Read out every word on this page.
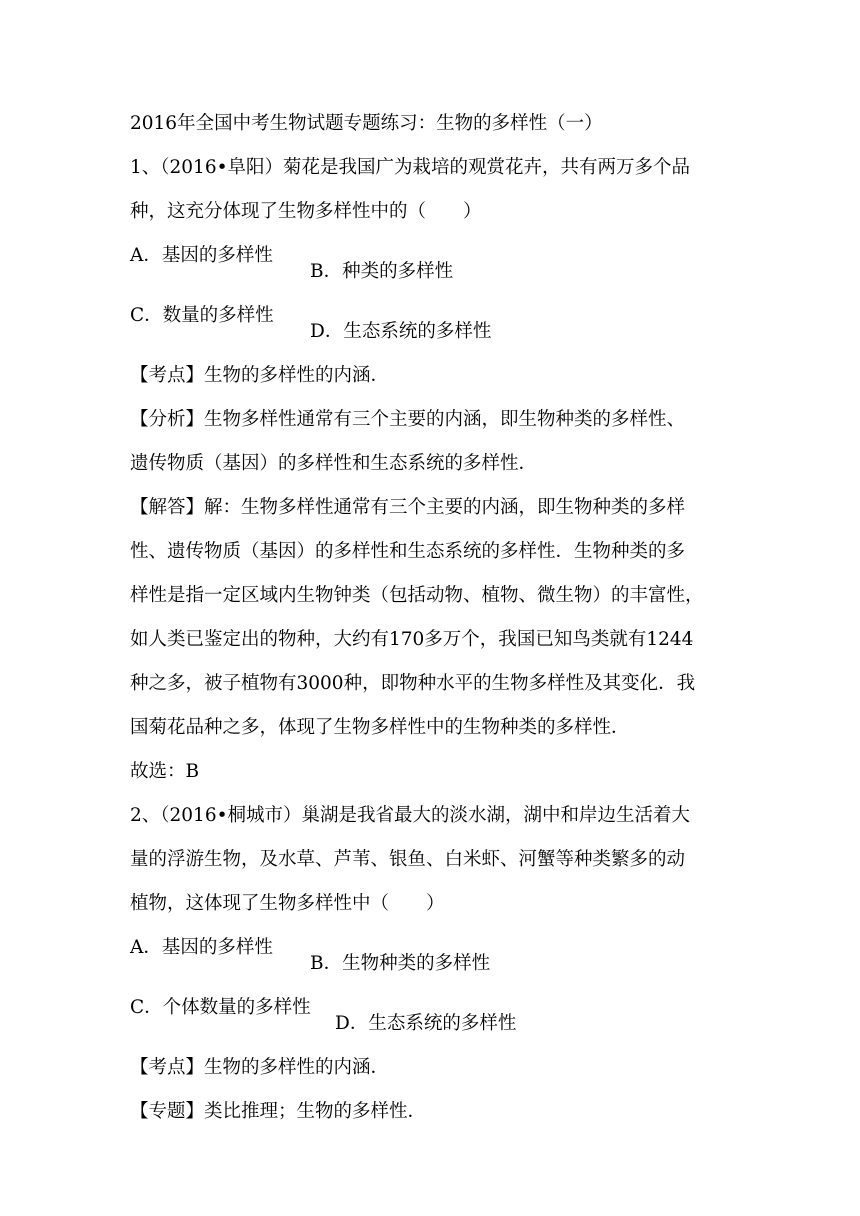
2016年全国中考生物试题专题练习：生物的多样性（一）

1、（2016•阜阳）菊花是我国广为栽培的观赏花卉，共有两万多个品

种，这充分体现了生物多样性中的（　　）

A．基因的多样性
B．种类的多样性
C．数量的多样性
D．生态系统的多样性

【考点】生物的多样性的内涵．

【分析】生物多样性通常有三个主要的内涵，即生物种类的多样性、

遗传物质（基因）的多样性和生态系统的多样性．

【解答】解：生物多样性通常有三个主要的内涵，即生物种类的多样

性、遗传物质（基因）的多样性和生态系统的多样性．生物种类的多

样性是指一定区域内生物钟类（包括动物、植物、微生物）的丰富性，

如人类已鉴定出的物种，大约有170多万个，我国已知鸟类就有1244

种之多，被子植物有3000种，即物种水平的生物多样性及其变化．我

国菊花品种之多，体现了生物多样性中的生物种类的多样性．

故选：B

2、（2016•桐城市）巢湖是我省最大的淡水湖，湖中和岸边生活着大

量的浮游生物，及水草、芦苇、银鱼、白米虾、河蟹等种类繁多的动

植物，这体现了生物多样性中（　　）

A．基因的多样性
B．生物种类的多样性
C．个体数量的多样性
D．生态系统的多样性

【考点】生物的多样性的内涵．

【专题】类比推理；生物的多样性．
